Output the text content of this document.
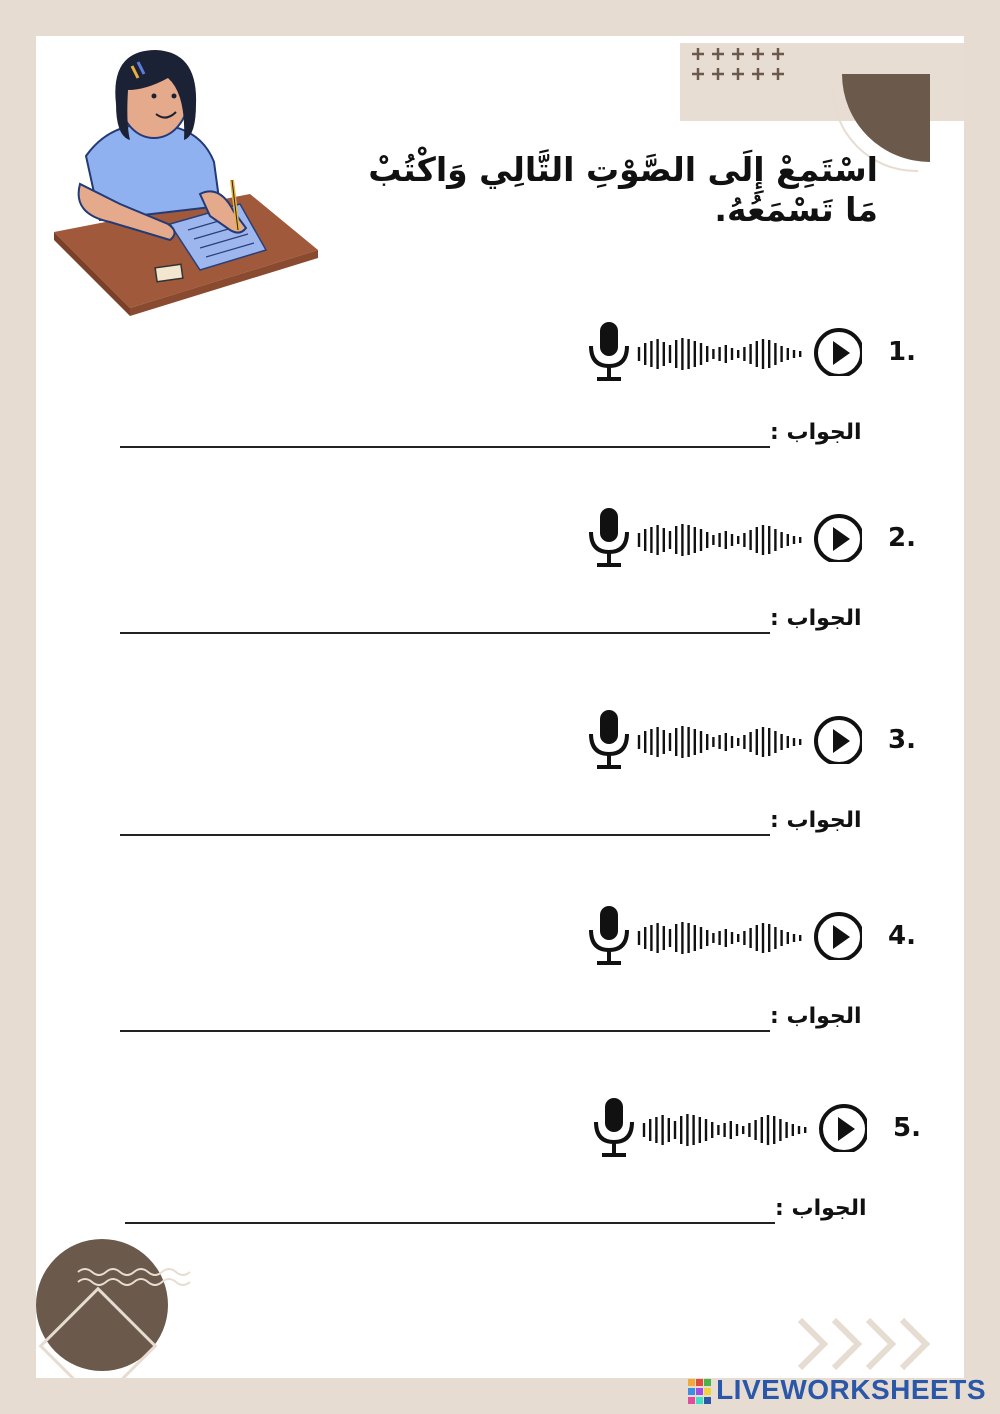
اسْتَمِعْ إِلَى الصَّوْتِ التَّالِي وَاكْتُبْ
مَا تَسْمَعُهُ.
1.
الجواب :
2.
الجواب :
3.
الجواب :
4.
الجواب :
5.
الجواب :
LIVEWORKSHEETS
